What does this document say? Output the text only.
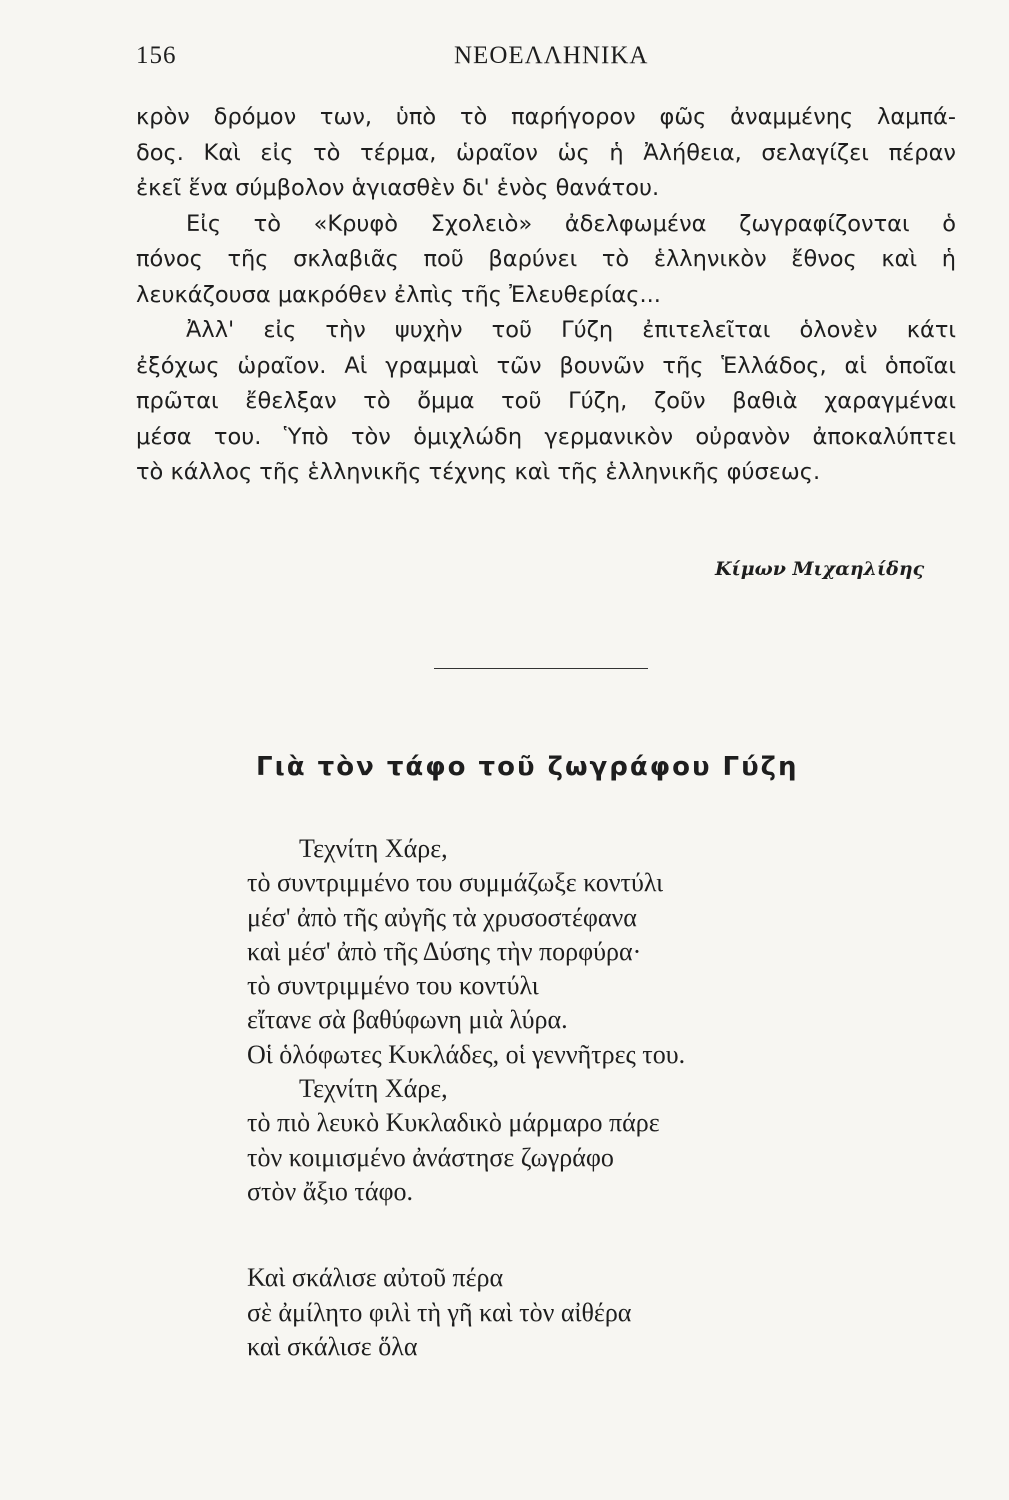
156	ΝΕΟΕΛΛΗΝΙΚΑ
κρὸν δρόμον των, ὑπὸ τὸ παρήγορον φῶς ἀναμμένης λαμπά-
δος. Καὶ εἰς τὸ τέρμα, ὡραῖον ὡς ἡ Ἀλήθεια, σελαγίζει πέραν
ἐκεῖ ἕνα σύμβολον ἁγιασθὲν δι' ἑνὸς θανάτου.
Εἰς τὸ «Κρυφὸ Σχολειὸ» ἀδελφωμένα ζωγραφίζονται ὁ
πόνος τῆς σκλαβιᾶς ποῦ βαρύνει τὸ ἑλληνικὸν ἔθνος καὶ ἡ
λευκάζουσα μακρόθεν ἐλπὶς τῆς Ἐλευθερίας...
Ἀλλ' εἰς τὴν ψυχὴν τοῦ Γύζη ἐπιτελεῖται ὁλονὲν κάτι
ἐξόχως ὡραῖον. Αἱ γραμμαὶ τῶν βουνῶν τῆς Ἑλλάδος, αἱ ὁποῖαι
πρῶται ἔθελξαν τὸ ὄμμα τοῦ Γύζη, ζοῦν βαθιὰ χαραγμέναι
μέσα του. Ὑπὸ τὸν ὁμιχλώδη γερμανικὸν οὐρανὸν ἀποκαλύπτει
τὸ κάλλος τῆς ἑλληνικῆς τέχνης καὶ τῆς ἑλληνικῆς φύσεως.
Κίμων Μιχαηλίδης
Γιὰ τὸν τάφο τοῦ ζωγράφου Γύζη
Τεχνίτη Χάρε,
τὸ συντριμμένο του συμμάζωξε κοντύλι
μέσ' ἀπὸ τῆς αὐγῆς τὰ χρυσοστέφανα
καὶ μέσ' ἀπὸ τῆς Δύσης τὴν πορφύρα·
τὸ συντριμμένο του κοντύλι
εἴτανε σὰ βαθύφωνη μιὰ λύρα.
Οἱ ὁλόφωτες Κυκλάδες, οἱ γεννῆτρες του.
Τεχνίτη Χάρε,
τὸ πιὸ λευκὸ Κυκλαδικὸ μάρμαρο πάρε
τὸν κοιμισμένο ἀνάστησε ζωγράφο
στὸν ἄξιο τάφο.
Καὶ σκάλισε αὐτοῦ πέρα
σὲ ἀμίλητο φιλὶ τὴ γῆ καὶ τὸν αἰθέρα
καὶ σκάλισε ὅλα
